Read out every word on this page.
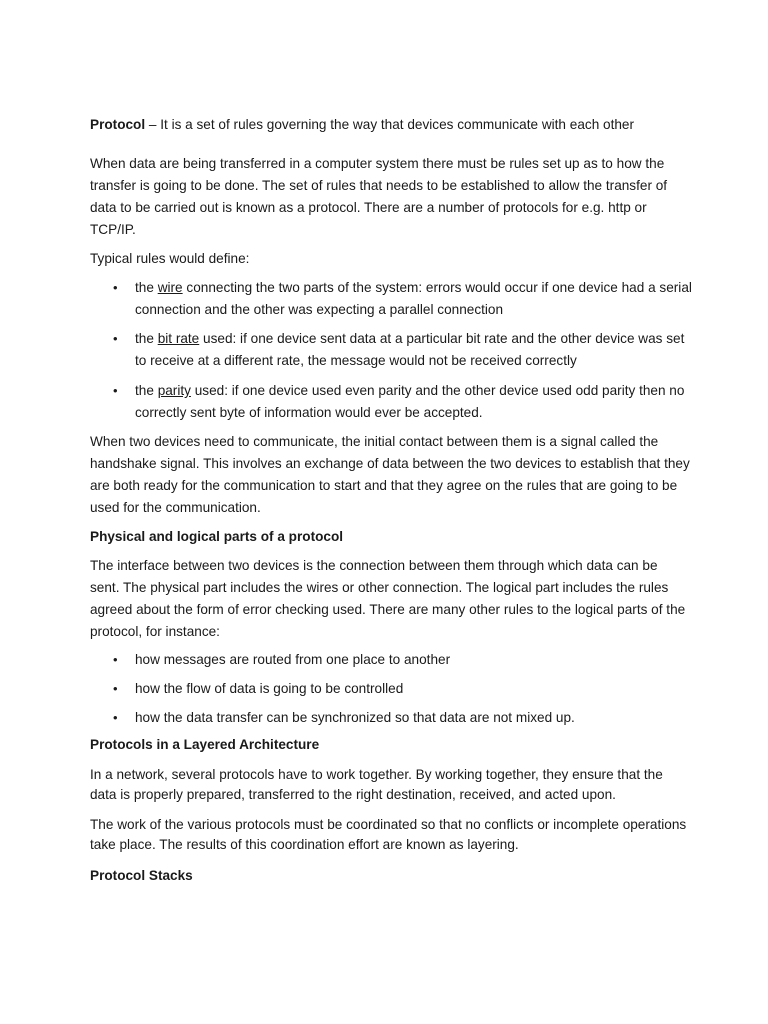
Protocol – It is a set of rules governing the way that devices communicate with each other

When data are being transferred in a computer system there must be rules set up as to how the transfer is going to be done. The set of rules that needs to be established to allow the transfer of data to be carried out is known as a protocol. There are a number of protocols for e.g. http or TCP/IP.

Typical rules would define:

• the wire connecting the two parts of the system: errors would occur if one device had a serial connection and the other was expecting a parallel connection

• the bit rate used: if one device sent data at a particular bit rate and the other device was set to receive at a different rate, the message would not be received correctly

• the parity used: if one device used even parity and the other device used odd parity then no correctly sent byte of information would ever be accepted.

When two devices need to communicate, the initial contact between them is a signal called the handshake signal. This involves an exchange of data between the two devices to establish that they are both ready for the communication to start and that they agree on the rules that are going to be used for the communication.

Physical and logical parts of a protocol

The interface between two devices is the connection between them through which data can be sent. The physical part includes the wires or other connection. The logical part includes the rules agreed about the form of error checking used. There are many other rules to the logical parts of the protocol, for instance:

• how messages are routed from one place to another

• how the flow of data is going to be controlled

• how the data transfer can be synchronized so that data are not mixed up.

Protocols in a Layered Architecture

In a network, several protocols have to work together. By working together, they ensure that the data is properly prepared, transferred to the right destination, received, and acted upon.

The work of the various protocols must be coordinated so that no conflicts or incomplete operations take place. The results of this coordination effort are known as layering.

Protocol Stacks
